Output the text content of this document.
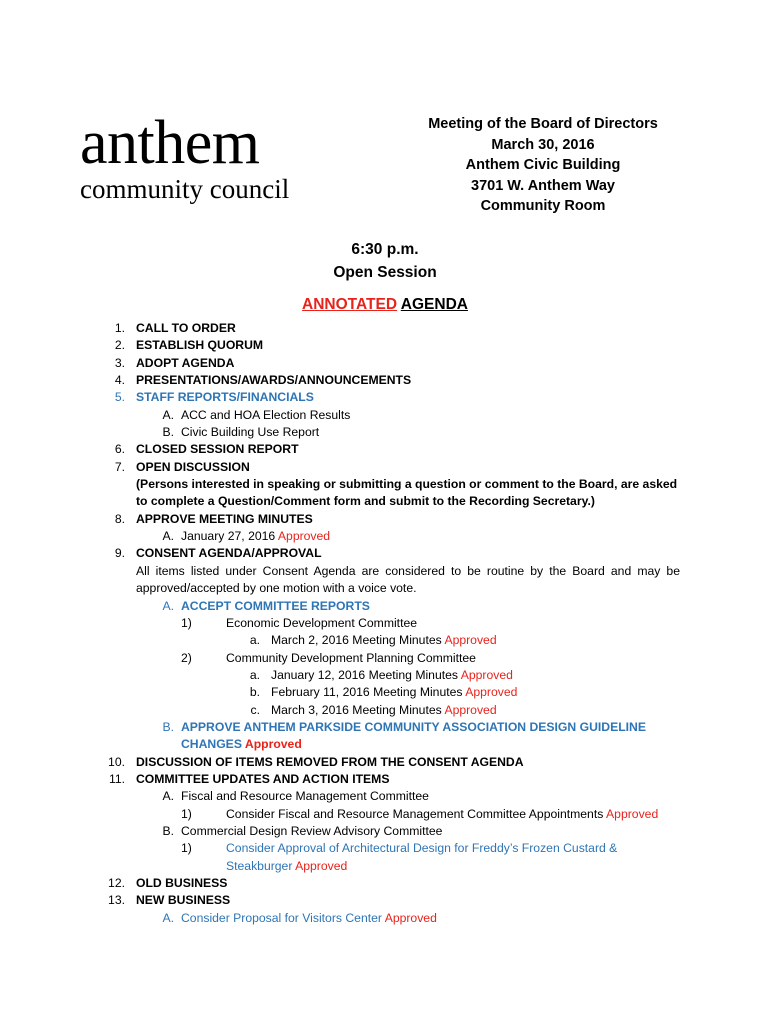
anthem
community council
Meeting of the Board of Directors
March 30, 2016
Anthem Civic Building
3701 W. Anthem Way
Community Room
6:30 p.m.
Open Session
ANNOTATED AGENDA
1. CALL TO ORDER
2. ESTABLISH QUORUM
3. ADOPT AGENDA
4. PRESENTATIONS/AWARDS/ANNOUNCEMENTS
5. STAFF REPORTS/FINANCIALS
A. ACC and HOA Election Results
B. Civic Building Use Report
6. CLOSED SESSION REPORT
7. OPEN DISCUSSION
(Persons interested in speaking or submitting a question or comment to the Board, are asked to complete a Question/Comment form and submit to the Recording Secretary.)
8. APPROVE MEETING MINUTES
A. January 27, 2016 Approved
9. CONSENT AGENDA/APPROVAL
All items listed under Consent Agenda are considered to be routine by the Board and may be approved/accepted by one motion with a voice vote.
A. ACCEPT COMMITTEE REPORTS
1)	Economic Development Committee
a. March 2, 2016 Meeting Minutes Approved
2)	Community Development Planning Committee
a. January 12, 2016 Meeting Minutes Approved
b. February 11, 2016 Meeting Minutes Approved
c. March 3, 2016 Meeting Minutes Approved
B. APPROVE ANTHEM PARKSIDE COMMUNITY ASSOCIATION DESIGN GUIDELINE CHANGES Approved
10. DISCUSSION OF ITEMS REMOVED FROM THE CONSENT AGENDA
11. COMMITTEE UPDATES AND ACTION ITEMS
A. Fiscal and Resource Management Committee
1)	Consider Fiscal and Resource Management Committee Appointments Approved
B. Commercial Design Review Advisory Committee
1)	Consider Approval of Architectural Design for Freddy’s Frozen Custard & Steakburger Approved
12. OLD BUSINESS
13. NEW BUSINESS
A. Consider Proposal for Visitors Center Approved
